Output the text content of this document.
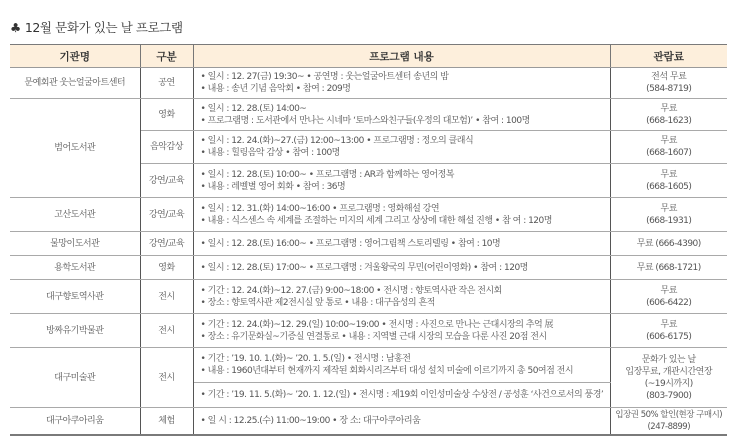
♣ 12월 문화가 있는 날 프로그램
기관명	구분	프로그램 내용	관람료
문예회관 웃는얼굴아트센터	공연	• 일시 : 12. 27(금) 19:30~ • 공연명 : 웃는얼굴아트센터 송년의 밤
• 내용 : 송년 기념 음악회 • 참여 : 209명	전석 무료
(584-8719)

범어도서관	영화	• 일시 : 12. 28.(토) 14:00~
• 프로그램명 : 도서관에서 만나는 시네마 ‘토마스와친구들(우정의 대모험)’ • 참여 : 100명	무료
(668-1623)

	음악감상	• 일시 : 12. 24.(화)~27.(금) 12:00~13:00 • 프로그램명 : 정오의 클래식
• 내용 : 힐링음악 감상 • 참여 : 100명	무료
(668-1607)

	강연/교육	• 일시 : 12. 28.(토) 10:00~ • 프로그램명 : AR과 함께하는 영어정복
• 내용 : 레벨별 영어 회화 • 참여 : 36명	무료
(668-1605)

고산도서관	강연/교육	• 일시 : 12. 31.(화) 14:00~16:00 • 프로그램명 : 영화해설 강연
• 내용 : 식스센스 속 세계를 조절하는 미지의 세계 그리고 상상에 대한 해설 진행 • 참 여 : 120명	무료
(668-1931)

물망이도서관	강연/교육	• 일시 : 12. 28.(토) 16:00~ • 프로그램명 : 영어그림책 스토리텔링 • 참여 : 10명	무료 (666-4390)
용학도서관	영화	• 일시 : 12. 28.(토) 17:00~ • 프로그램명 : 겨울왕국의 무민(어린이영화) • 참여 : 120명	무료 (668-1721)
대구향토역사관	전시	• 기간 : 12. 24.(화)~12. 27.(금) 9:00~18:00 • 전시명 : 향토역사관 작은 전시회
• 장소 : 향토역사관 제2전시실 앞 통로 • 내용 : 대구읍성의 흔적	무료
(606-6422)

방짜유기박물관	전시	• 기간 : 12. 24.(화)~12. 29.(일) 10:00~19:00 • 전시명 : 사진으로 만나는 근대시장의 추억 展
• 장소 : 유기문화실~기증실 연결통로 • 내용 : 지역별 근대 시장의 모습을 다룬 사진 20점 전시	무료
(606-6175)

대구미술관	전시	• 기간 : ’19. 10. 1.(화)~ ’20. 1. 5.(일) • 전시명 : 남홍전
• 내용 : 1960년대부터 현재까지 제작된 회화시리즈부터 대성 설치 미술에 이르기까지 총 50여점 전시	문화가 있는 날
입장무료, 개관시간연장
(~19시까지)
(803-7900)

		• 기간 : ’19. 11. 5.(화)~ ’20. 1. 12.(일) • 전시명 : 제19회 이인성미술상 수상전 / 공성훈 ‘사건으로서의 풍경’	

대구아쿠아리움	체험	• 일 시 : 12.25.(수) 11:00~19:00 • 장 소: 대구아쿠아리움	입장권 50% 할인(현장 구매시)
(247-8899)
